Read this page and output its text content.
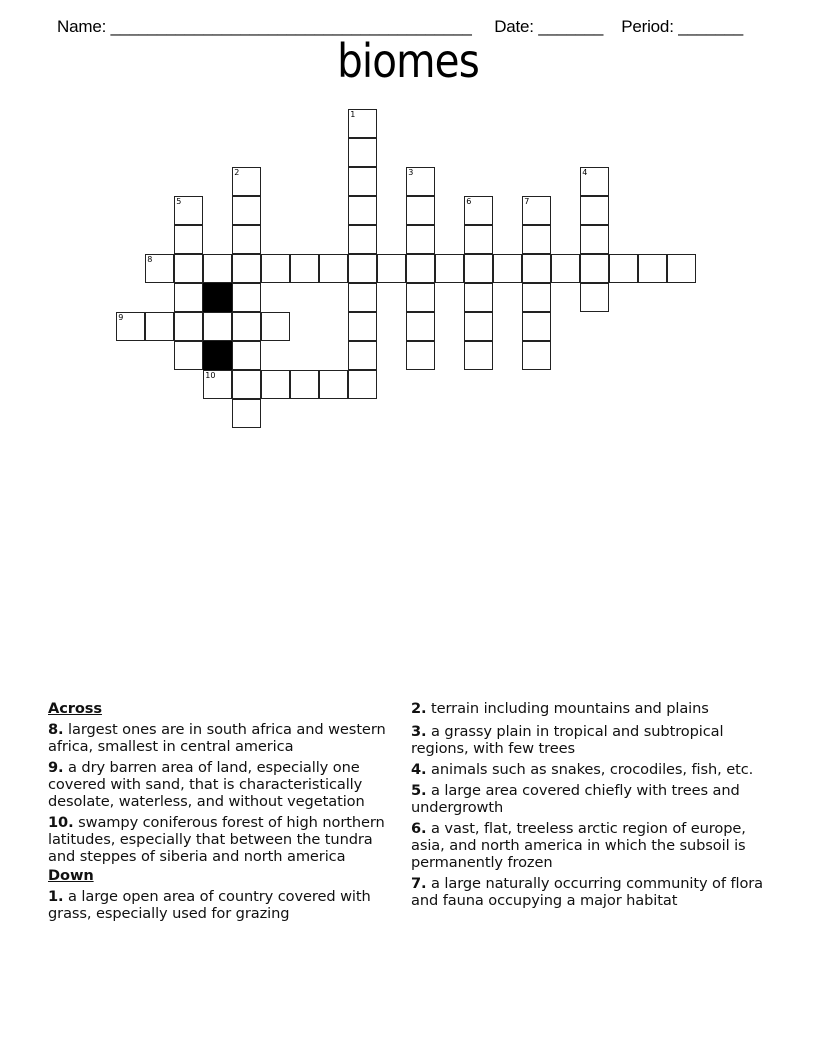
Name: _______________________________________ Date: _______ Period: _______

biomes
1
2	3	4
5	6	7
8
9
10
Across
8. largest ones are in south africa and western africa, smallest in central america
9. a dry barren area of land, especially one covered with sand, that is characteristically desolate, waterless, and without vegetation
10. swampy coniferous forest of high northern latitudes, especially that between the tundra and steppes of siberia and north america
Down
1. a large open area of country covered with grass, especially used for grazing
2. terrain including mountains and plains
3. a grassy plain in tropical and subtropical regions, with few trees
4. animals such as snakes, crocodiles, fish, etc.
5. a large area covered chiefly with trees and undergrowth
6. a vast, flat, treeless arctic region of europe, asia, and north america in which the subsoil is permanently frozen
7. a large naturally occurring community of flora and fauna occupying a major habitat
